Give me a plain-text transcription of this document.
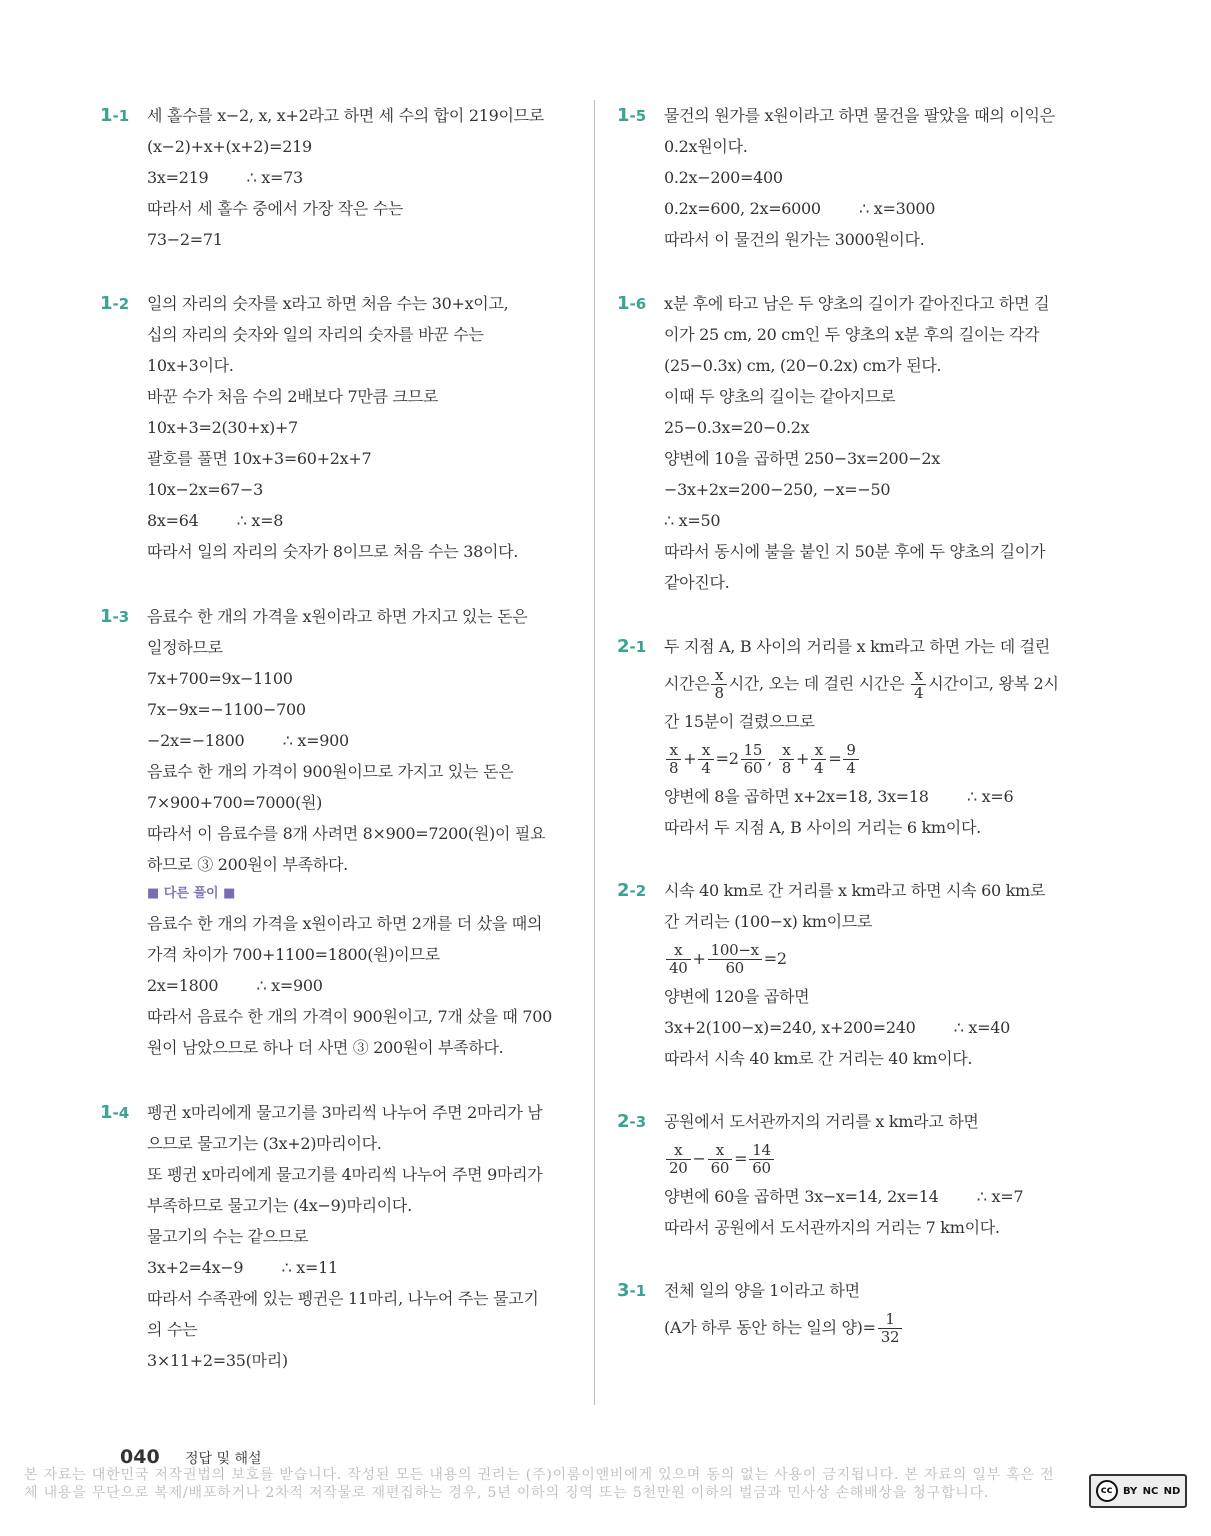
1-1	세 홀수를 x−2, x, x+2라고 하면 세 수의 합이 219이므로
(x−2)+x+(x+2)=219
3x=219        ∴ x=73
따라서 세 홀수 중에서 가장 작은 수는
73−2=71
1-2	일의 자리의 숫자를 x라고 하면 처음 수는 30+x이고,
십의 자리의 숫자와 일의 자리의 숫자를 바꾼 수는
10x+3이다.
바꾼 수가 처음 수의 2배보다 7만큼 크므로
10x+3=2(30+x)+7
괄호를 풀면 10x+3=60+2x+7
10x−2x=67−3
8x=64        ∴ x=8
따라서 일의 자리의 숫자가 8이므로 처음 수는 38이다.
1-3	음료수 한 개의 가격을 x원이라고 하면 가지고 있는 돈은
일정하므로
7x+700=9x−1100
7x−9x=−1100−700
−2x=−1800        ∴ x=900
음료수 한 개의 가격이 900원이므로 가지고 있는 돈은
7×900+700=7000(원)
따라서 이 음료수를 8개 사려면 8×900=7200(원)이 필요
하므로 ③ 200원이 부족하다.
■ 다른 풀이 ■
음료수 한 개의 가격을 x원이라고 하면 2개를 더 샀을 때의
가격 차이가 700+1100=1800(원)이므로
2x=1800        ∴ x=900
따라서 음료수 한 개의 가격이 900원이고, 7개 샀을 때 700
원이 남았으므로 하나 더 사면 ③ 200원이 부족하다.
1-4	펭귄 x마리에게 물고기를 3마리씩 나누어 주면 2마리가 남
으므로 물고기는 (3x+2)마리이다.
또 펭귄 x마리에게 물고기를 4마리씩 나누어 주면 9마리가
부족하므로 물고기는 (4x−9)마리이다.
물고기의 수는 같으므로
3x+2=4x−9        ∴ x=11
따라서 수족관에 있는 펭귄은 11마리, 나누어 주는 물고기
의 수는
3×11+2=35(마리)
1-5	물건의 원가를 x원이라고 하면 물건을 팔았을 때의 이익은
0.2x원이다.
0.2x−200=400
0.2x=600, 2x=6000        ∴ x=3000
따라서 이 물건의 원가는 3000원이다.
1-6	x분 후에 타고 남은 두 양초의 길이가 같아진다고 하면 길
이가 25 cm, 20 cm인 두 양초의 x분 후의 길이는 각각
(25−0.3x) cm, (20−0.2x) cm가 된다.
이때 두 양초의 길이는 같아지므로
25−0.3x=20−0.2x
양변에 10을 곱하면 250−3x=200−2x
−3x+2x=200−250, −x=−50
∴ x=50
따라서 동시에 불을 붙인 지 50분 후에 두 양초의 길이가
같아진다.
2-1	두 지점 A, B 사이의 거리를 x km라고 하면 가는 데 걸린
시간은 $\frac{x}{8}$ 시간, 오는 데 걸린 시간은 $\frac{x}{4}$ 시간이고, 왕복 2시
간 15분이 걸렸으므로
$\frac{x}{8} + \frac{x}{4} =2 \frac{15}{60}$ , $\frac{x}{8} + \frac{x}{4} = \frac{9}{4}$
양변에 8을 곱하면 x+2x=18, 3x=18        ∴ x=6
따라서 두 지점 A, B 사이의 거리는 6 km이다.
2-2	시속 40 km로 간 거리를 x km라고 하면 시속 60 km로
간 거리는 (100−x) km이므로
$\frac{x}{40} + \frac{100-x}{60} =2$
양변에 120을 곱하면
3x+2(100−x)=240, x+200=240        ∴ x=40
따라서 시속 40 km로 간 거리는 40 km이다.
2-3	공원에서 도서관까지의 거리를 x km라고 하면
$\frac{x}{20} - \frac{x}{60} = \frac{14}{60}$
양변에 60을 곱하면 3x−x=14, 2x=14        ∴ x=7
따라서 공원에서 도서관까지의 거리는 7 km이다.
3-1	전체 일의 양을 1이라고 하면
(A가 하루 동안 하는 일의 양)= $\frac{1}{32}$
040 정답 및 해설
본 자료는 대한민국 저작권법의 보호를 받습니다. 작성된 모든 내용의 권리는 (주)이룸이앤비에게 있으며 동의 없는 사용이 금지됩니다. 본 자료의 일부 혹은 전체 내용을 무단으로 복제/배포하거나 2차적 저작물로 재편집하는 경우, 5년 이하의 징역 또는 5천만원 이하의 벌금과 민사상 손해배상을 청구합니다.	cc	BY NC ND
